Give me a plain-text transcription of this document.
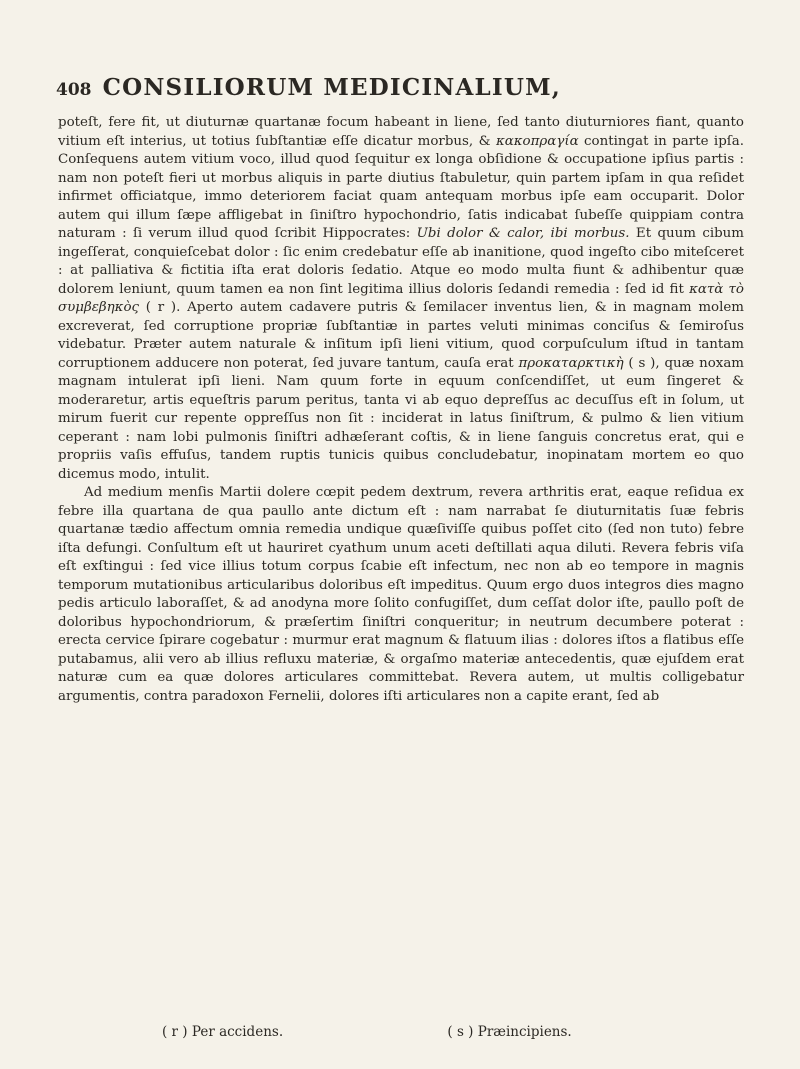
408 CONSILIORUM MEDICINALIUM,

poteſt, fere fit, ut diuturnæ quartanæ focum habeant in liene, ſed tanto diuturniores fiant, quanto vitium eſt interius, ut totius ſubſtantiæ eſſe dicatur morbus, & κακοπραγία contingat in parte ipſa. Conſequens autem vitium voco, illud quod ſequitur ex longa obſidione & occupatione ipſius partis : nam non poteſt fieri ut morbus aliquis in parte diutius ſtabuletur, quin partem ipſam in qua reſidet infirmet officiatque, immo deteriorem faciat quam antequam morbus ipſe eam occuparit. Dolor autem qui illum ſæpe affligebat in ſiniſtro hypochondrio, ſatis indicabat ſubeſſe quippiam contra naturam : ſi verum illud quod ſcribit Hippocrates: Ubi dolor & calor, ibi morbus. Et quum cibum ingeſſerat, conquieſcebat dolor : ſic enim credebatur eſſe ab inanitione, quod ingeſto cibo miteſceret : at palliativa & fictitia iſta erat doloris ſedatio. Atque eo modo multa fiunt & adhibentur quæ dolorem leniunt, quum tamen ea non ſint legitima illius doloris ſedandi remedia : ſed id fit κατὰ τὸ συμβεβηκὸς ( r ). Aperto autem cadavere putris & ſemilacer inventus lien, & in magnam molem excreverat, ſed corruptione propriæ ſubſtantiæ in partes veluti minimas conciſus & ſemiroſus videbatur. Præter autem naturale & inſitum ipſi lieni vitium, quod corpuſculum iſtud in tantam corruptionem adducere non poterat, ſed juvare tantum, cauſa erat προκαταρκτικὴ ( s ), quæ noxam magnam intulerat ipſi lieni. Nam quum forte in equum conſcendiſſet, ut eum ſingeret & moderaretur, artis equeſtris parum peritus, tanta vi ab equo depreſſus ac decuſſus eſt in ſolum, ut mirum fuerit cur repente oppreſſus non ſit : inciderat in latus ſiniſtrum, & pulmo & lien vitium ceperant : nam lobi pulmonis ſiniſtri adhæſerant coſtis, & in liene ſanguis concretus erat, qui e propriis vaſis effuſus, tandem ruptis tunicis quibus concludebatur, inopinatam mortem eo quo dicemus modo, intulit.

Ad medium menſis Martii dolere cœpit pedem dextrum, revera arthritis erat, eaque reſidua ex febre illa quartana de qua paullo ante dictum eſt : nam narrabat ſe diuturnitatis ſuæ febris quartanæ tædio affectum omnia remedia undique quæſiviſſe quibus poſſet cito (ſed non tuto) febre iſta defungi. Conſultum eſt ut hauriret cyathum unum aceti deſtillati aqua diluti. Revera febris viſa eſt exſtingui : ſed vice illius totum corpus ſcabie eſt infectum, nec non ab eo tempore in magnis temporum mutationibus articularibus doloribus eſt impeditus. Quum ergo duos integros dies magno pedis articulo laboraſſet, & ad anodyna more ſolito confugiſſet, dum ceſſat dolor iſte, paullo poſt de doloribus hypochondriorum, & præſertim ſiniſtri conqueritur; in neutrum decumbere poterat : erecta cervice ſpirare cogebatur : murmur erat magnum & flatuum ilias : dolores iſtos a flatibus eſſe putabamus, alii vero ab illius refluxu materiæ, & orgaſmo materiæ antecedentis, quæ ejuſdem erat naturæ cum ea quæ dolores articulares committebat. Revera autem, ut multis colligebatur argumentis, contra paradoxon Fernelii, dolores iſti articulares non a capite erant, ſed ab

( r ) Per accidens.	( s ) Præincipiens.
